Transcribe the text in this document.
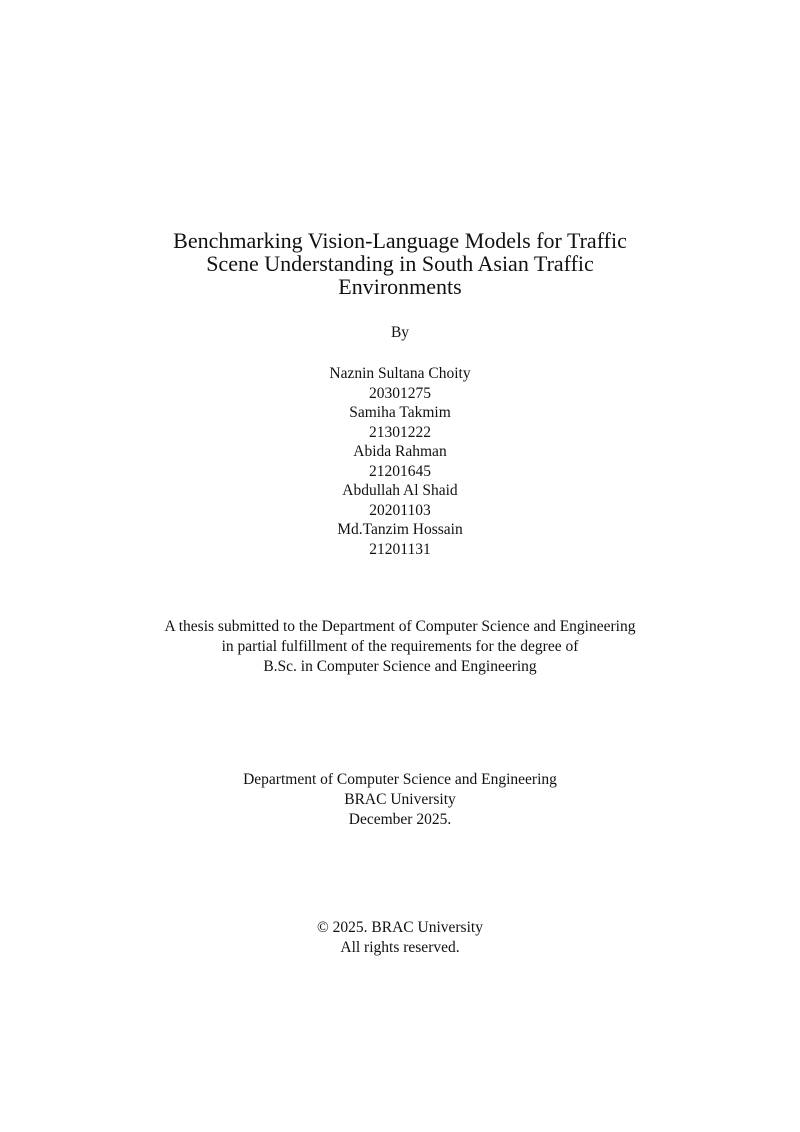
Benchmarking Vision-Language Models for Traffic
Scene Understanding in South Asian Traffic
Environments
By
Naznin Sultana Choity
20301275
Samiha Takmim
21301222
Abida Rahman
21201645
Abdullah Al Shaid
20201103
Md.Tanzim Hossain
21201131
A thesis submitted to the Department of Computer Science and Engineering
in partial fulfillment of the requirements for the degree of
B.Sc. in Computer Science and Engineering
Department of Computer Science and Engineering
BRAC University
December 2025.
© 2025. BRAC University
All rights reserved.
